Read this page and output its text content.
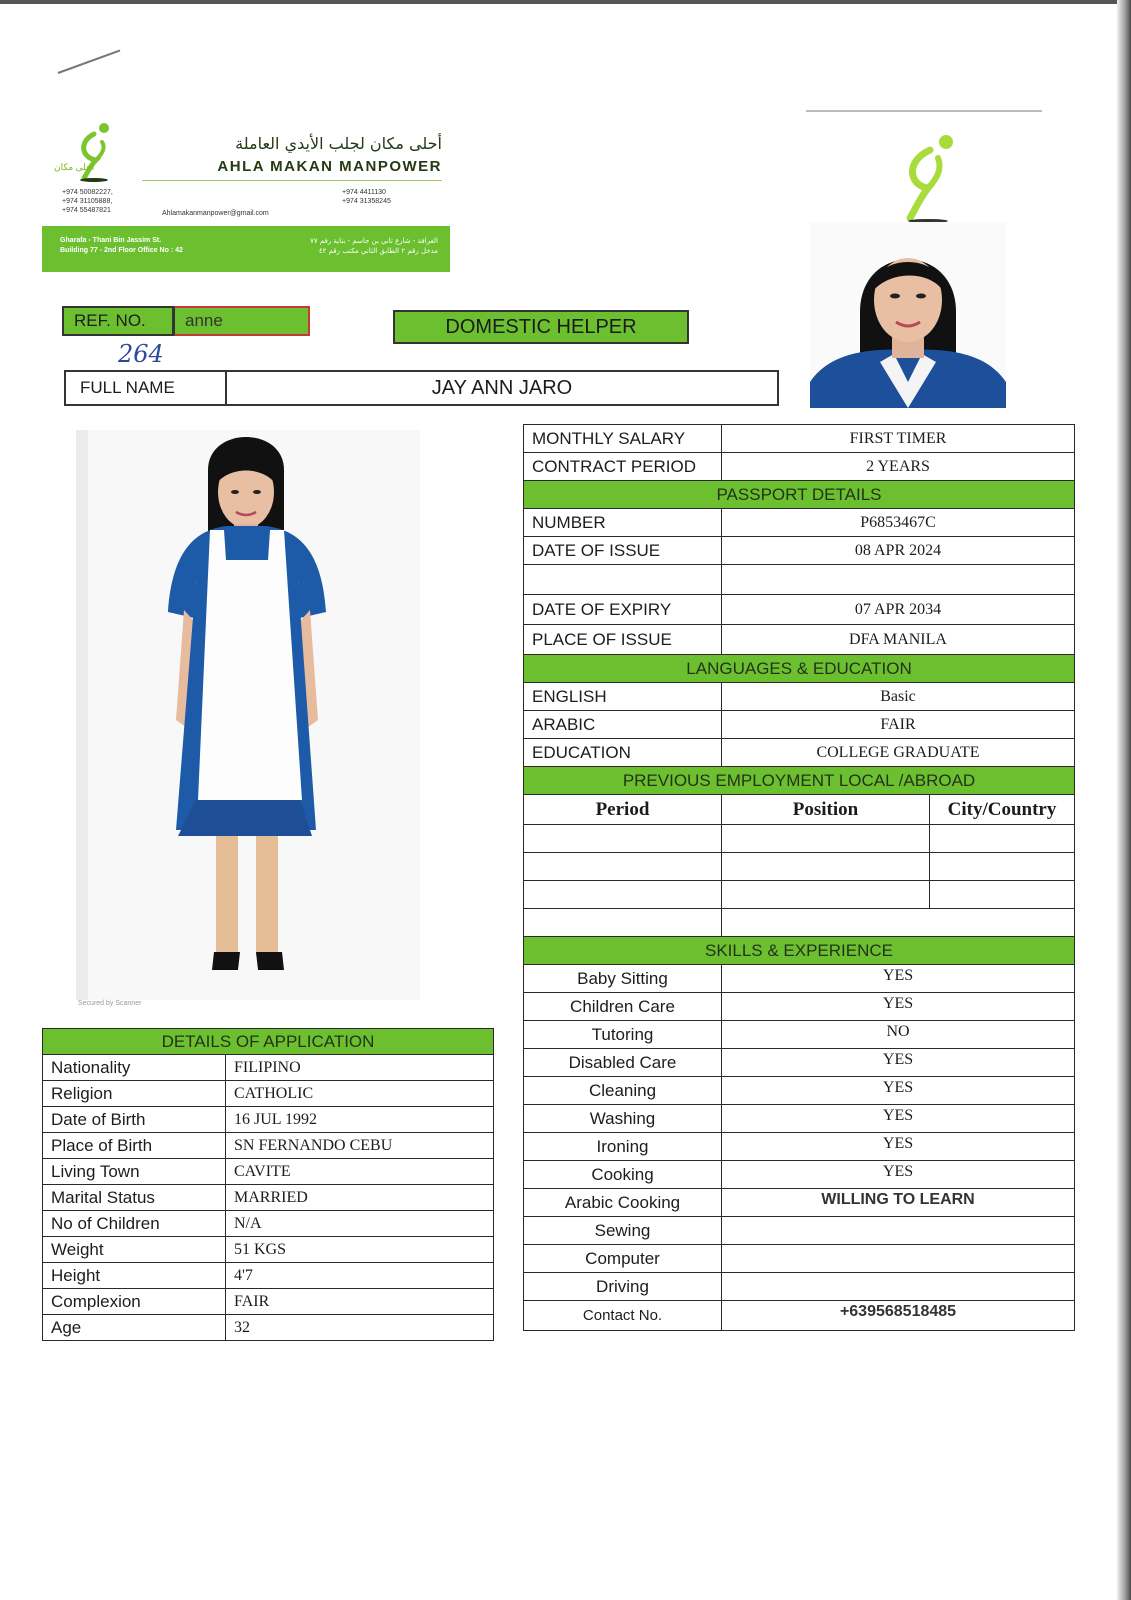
أحلى مكان
أحلى مكان لجلب الأيدي العاملة
AHLA MAKAN MANPOWER
+974 50082227,
+974 31105888,
+974 55487821
+974 4411130
+974 31358245
Ahlamakanmanpower@gmail.com
Gharafa - Thani Bin Jassim St.
Building 77 - 2nd Floor Office No : 42
الغرافة - شارع ثاني بن جاسم - بناية رقم ٧٧
مدخل رقم ٢ الطابق الثاني مكتب رقم ٤٢
REF. NO.	anne
264
DOMESTIC HELPER
FULL NAME	JAY ANN JARO
Secured by Scanner
DETAILS OF APPLICATION	
Nationality	FILIPINO
Religion	CATHOLIC
Date of Birth	16 JUL 1992
Place of Birth	SN FERNANDO CEBU
Living Town	CAVITE
Marital Status	MARRIED
No of Children	N/A
Weight	51 KGS
Height	4'7
Complexion	FAIR
Age	32
MONTHLY SALARY	FIRST TIMER	
CONTRACT PERIOD	2 YEARS	
PASSPORT DETAILS		
NUMBER	P6853467C	
DATE OF ISSUE	08 APR 2024	

DATE OF EXPIRY	07 APR 2034	
PLACE OF ISSUE	DFA MANILA	
LANGUAGES & EDUCATION		
ENGLISH	Basic	
ARABIC	FAIR	
EDUCATION	COLLEGE GRADUATE	
PREVIOUS EMPLOYMENT LOCAL /ABROAD		
Period	Position	City/Country

SKILLS & EXPERIENCE		
Baby Sitting	YES	
Children Care	YES	
Tutoring	NO	
Disabled Care	YES	
Cleaning	YES	
Washing	YES	
Ironing	YES	
Cooking	YES	
Arabic Cooking	WILLING TO LEARN	
Sewing		
Computer		
Driving		
Contact No.	+639568518485	
